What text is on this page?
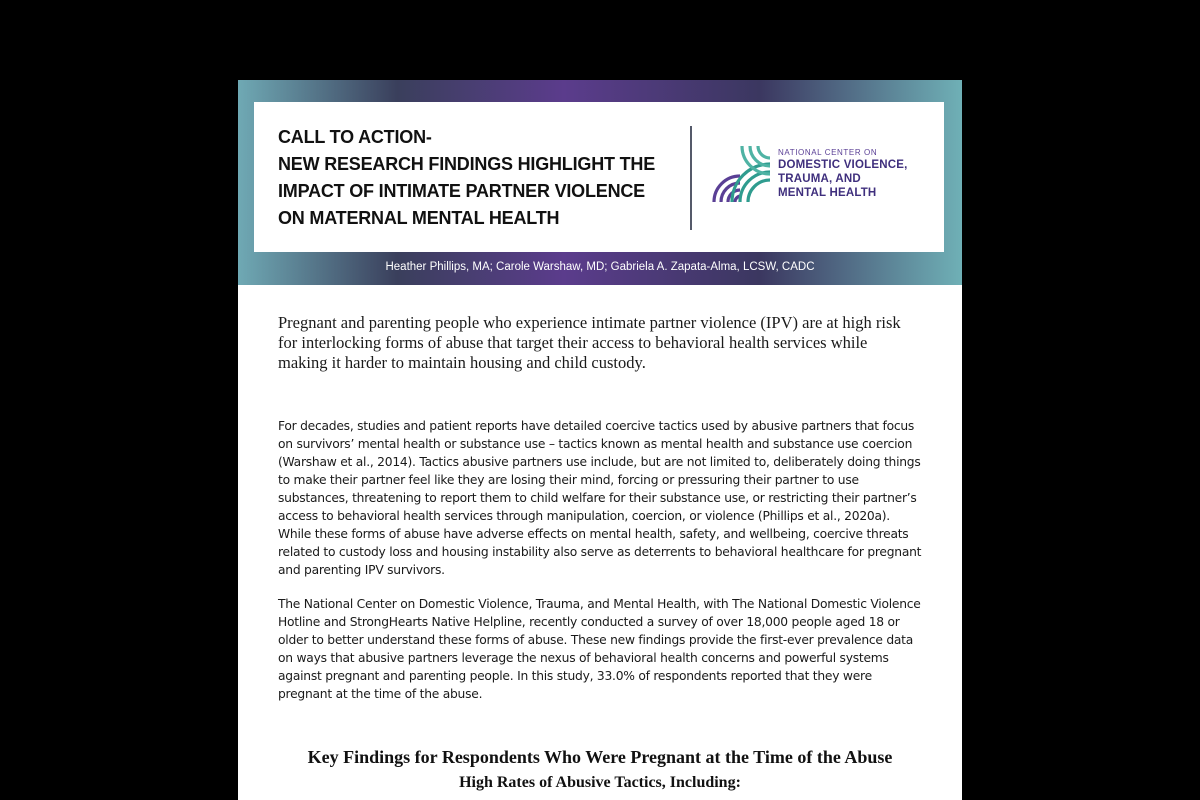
CALL TO ACTION-
NEW RESEARCH FINDINGS HIGHLIGHT THE
IMPACT OF INTIMATE PARTNER VIOLENCE
ON MATERNAL MENTAL HEALTH
NATIONAL CENTER ON
DOMESTIC VIOLENCE,
TRAUMA, AND
MENTAL HEALTH
Heather Phillips, MA; Carole Warshaw, MD; Gabriela A. Zapata-Alma, LCSW, CADC

Pregnant and parenting people who experience intimate partner violence (IPV) are at high risk for interlocking forms of abuse that target their access to behavioral health services while making it harder to maintain housing and child custody.

For decades, studies and patient reports have detailed coercive tactics used by abusive partners that focus on survivors’ mental health or substance use – tactics known as mental health and substance use coercion (Warshaw et al., 2014). Tactics abusive partners use include, but are not limited to, deliberately doing things to make their partner feel like they are losing their mind, forcing or pressuring their partner to use substances, threatening to report them to child welfare for their substance use, or restricting their partner’s access to behavioral health services through manipulation, coercion, or violence (Phillips et al., 2020a). While these forms of abuse have adverse effects on mental health, safety, and wellbeing, coercive threats related to custody loss and housing instability also serve as deterrents to behavioral healthcare for pregnant and parenting IPV survivors.

The National Center on Domestic Violence, Trauma, and Mental Health, with The National Domestic Violence Hotline and StrongHearts Native Helpline, recently conducted a survey of over 18,000 people aged 18 or older to better understand these forms of abuse. These new findings provide the first-ever prevalence data on ways that abusive partners leverage the nexus of behavioral health concerns and powerful systems against pregnant and parenting people. In this study, 33.0% of respondents reported that they were pregnant at the time of the abuse.

Key Findings for Respondents Who Were Pregnant at the Time of the Abuse
High Rates of Abusive Tactics, Including:
